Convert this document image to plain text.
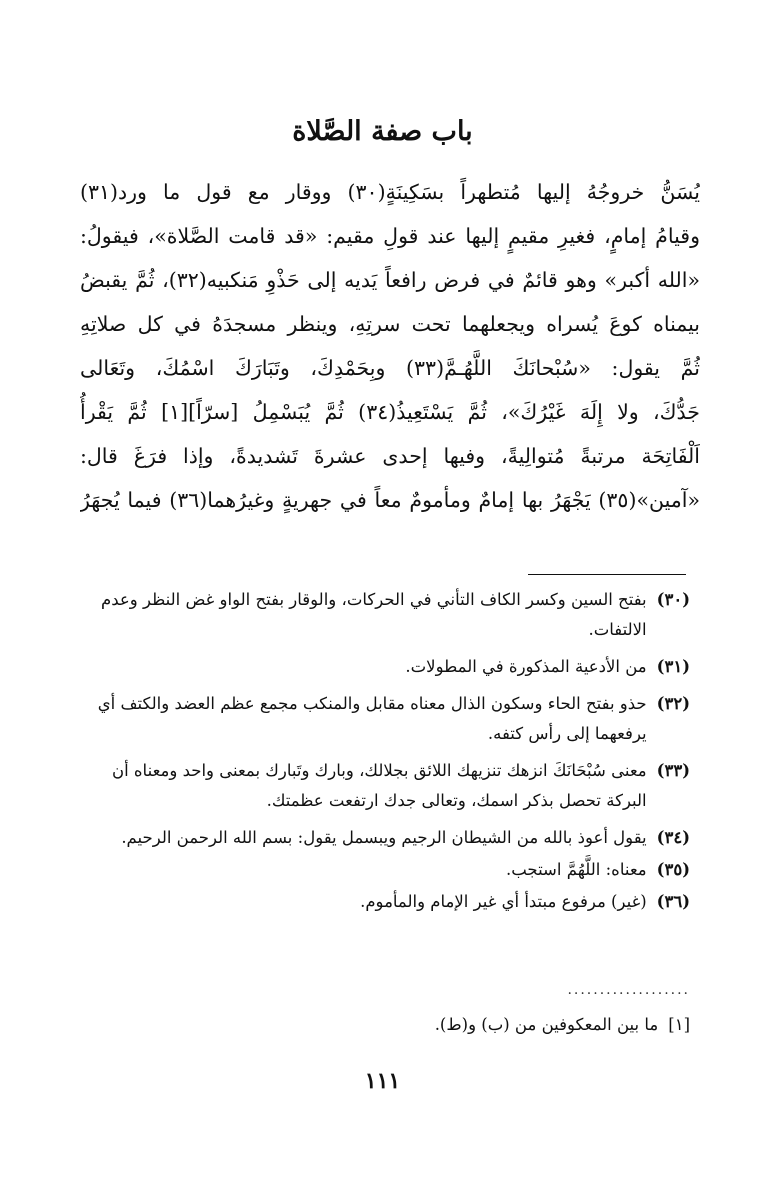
باب صفة الصَّلاة
يُسَنُّ خروجُهُ إليها مُتطهراً بسَكِينَةٍ(٣٠) ووقار مع قول ما ورد(٣١)
وقيامُ إمامٍ، فغيرِ مقيمٍ إليها عند قولِ مقيم: «قد قامت الصَّلاة»، فيقولُ:
«الله أكبر» وهو قائمٌ في فرض رافعاً يَديه إلى حَذْوِ مَنكبيه(٣٢)، ثُمَّ يقبضُ
بيمناه كوعَ يُسراه ويجعلهما تحت سرتِهِ، وينظر مسجدَهُ في كل صلاتِهِ
ثُمَّ يقول: «سُبْحانَكَ اللَّهُـمَّ(٣٣) وبِحَمْدِكَ، وتَبَارَكَ اسْمُكَ، وتَعَالى
جَدُّكَ، ولا إِلَهَ غَيْرُكَ»، ثُمَّ يَسْتَعِيذُ(٣٤) ثُمَّ يُبَسْمِلُ [سرّاً][١] ثُمَّ يَقْرأُ
اَلْفَاتِحَة مرتبةً مُتوالِيةً، وفيها إحدى عشرةَ تَشديدةً، وإذا فرَغَ قال:
«آمين»(٣٥) يَجْهَرُ بها إمامٌ ومأمومٌ معاً في جهريةٍ وغيرُهما(٣٦) فيما يُجهَرُ
(٣٠)
بفتح السين وكسر الكاف التأني في الحركات، والوقار بفتح الواو غض النظر وعدم الالتفات.
(٣١)
من الأدعية المذكورة في المطولات.
(٣٢)
حذو بفتح الحاء وسكون الذال معناه مقابل والمنكب مجمع عظم العضد والكتف أي يرفعهما إلى رأس كتفه.
(٣٣)
معنى سُبْحَانَكَ انزهك تنزيهك اللائق بجلالك، وبارك وتَبارك بمعنى واحد ومعناه أن البركة تحصل بذكر اسمك، وتعالى جدك ارتفعت عظمتك.
(٣٤)
يقول أعوذ بالله من الشيطان الرجيم ويبسمل يقول: بسم الله الرحمن الرحيم.
(٣٥)
معناه: اللَّهُمَّ استجب.
(٣٦)
(غير) مرفوع مبتدأ أي غير الإمام والمأموم.
...................
[١]
ما بين المعكوفين من (ب) و(ط).
١١١
